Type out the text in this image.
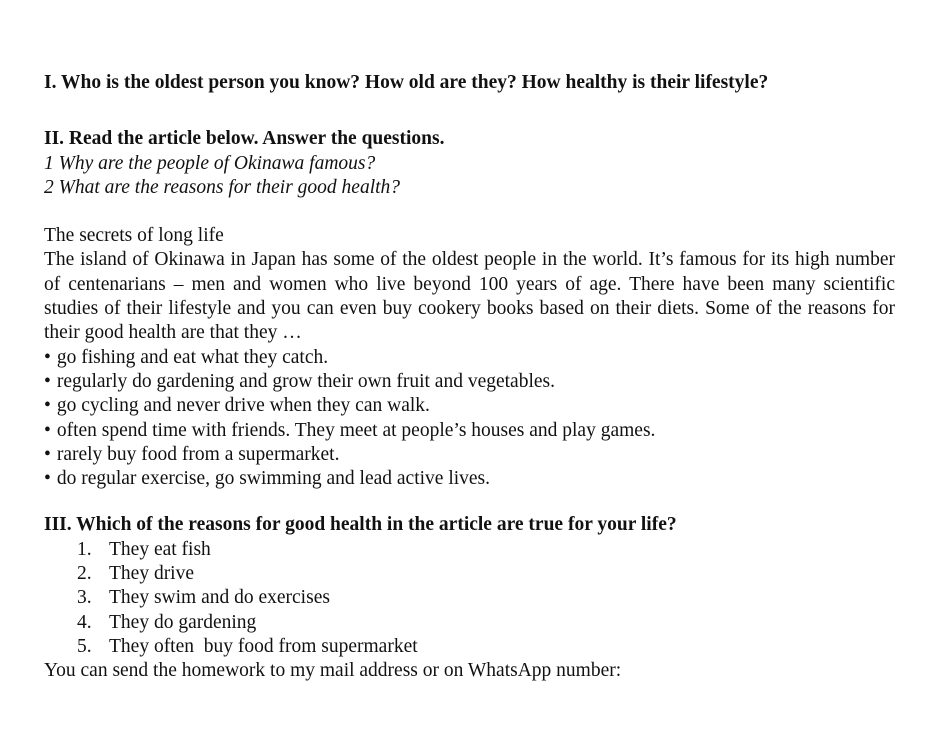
I. Who is the oldest person you know? How old are they? How healthy is their lifestyle?

II. Read the article below. Answer the questions.

1 Why are the people of Okinawa famous?

2 What are the reasons for their good health?

The secrets of long life

The island of Okinawa in Japan has some of the oldest people in the world. It’s famous for its high number of centenarians – men and women who live beyond 100 years of age. There have been many scientific studies of their lifestyle and you can even buy cookery books based on their diets. Some of the reasons for their good health are that they …

• go fishing and eat what they catch.
• regularly do gardening and grow their own fruit and vegetables.
• go cycling and never drive when they can walk.
• often spend time with friends. They meet at people’s houses and play games.
• rarely buy food from a supermarket.
• do regular exercise, go swimming and lead active lives.

III. Which of the reasons for good health in the article are true for your life?

1. They eat fish
2. They drive
3. They swim and do exercises
4. They do gardening
5. They often  buy food from supermarket

You can send the homework to my mail address or on WhatsApp number:
